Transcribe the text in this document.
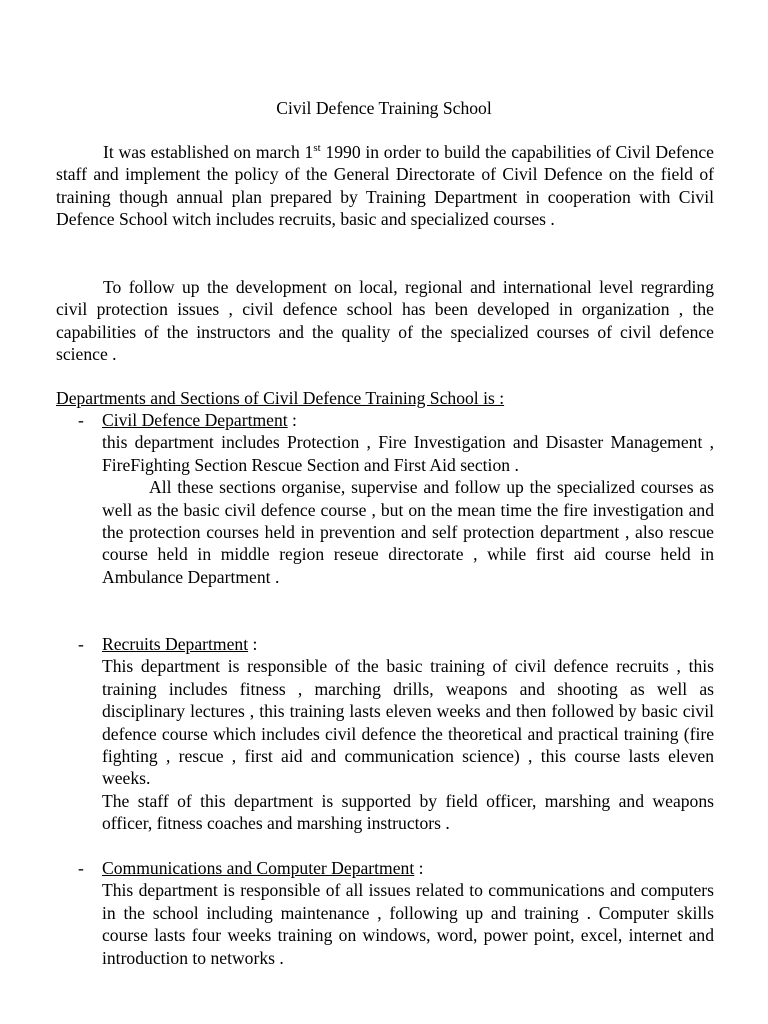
Civil Defence Training School
It was established on march 1st 1990 in order to build the capabilities of Civil Defence staff and implement the policy of the General Directorate of Civil Defence on the field of training though annual plan prepared by Training Department in cooperation with Civil Defence School witch includes recruits, basic and specialized courses .
To follow up the development on local, regional and international level regrarding civil protection issues , civil defence school has been developed in organization , the capabilities of the instructors and the quality of the specialized courses of civil defence science .
Departments and Sections of Civil Defence Training School is :
- Civil Defence Department :

this department includes Protection , Fire Investigation and Disaster Management ,        FireFighting Section Rescue Section and First Aid section .

All these sections organise, supervise and follow up the specialized courses as well as the basic civil defence course , but on the mean time the fire investigation and the protection courses held in prevention and self protection department , also rescue course held in middle region reseue directorate , while first aid course held in Ambulance Department .

- Recruits Department :

This department is responsible of the basic training of civil defence recruits , this training includes fitness , marching drills, weapons and shooting as well as disciplinary lectures , this training lasts eleven weeks and then followed by basic civil defence course which includes civil defence the theoretical and practical training (fire fighting , rescue , first aid and communication science) , this course lasts eleven weeks.

The staff of this department is supported by field officer, marshing and weapons officer, fitness coaches and marshing instructors .

- Communications and Computer Department :

This department is responsible of all issues related to communications and computers in the school including maintenance , following up and training . Computer skills course lasts four weeks training on windows, word, power point, excel, internet and introduction to networks .
